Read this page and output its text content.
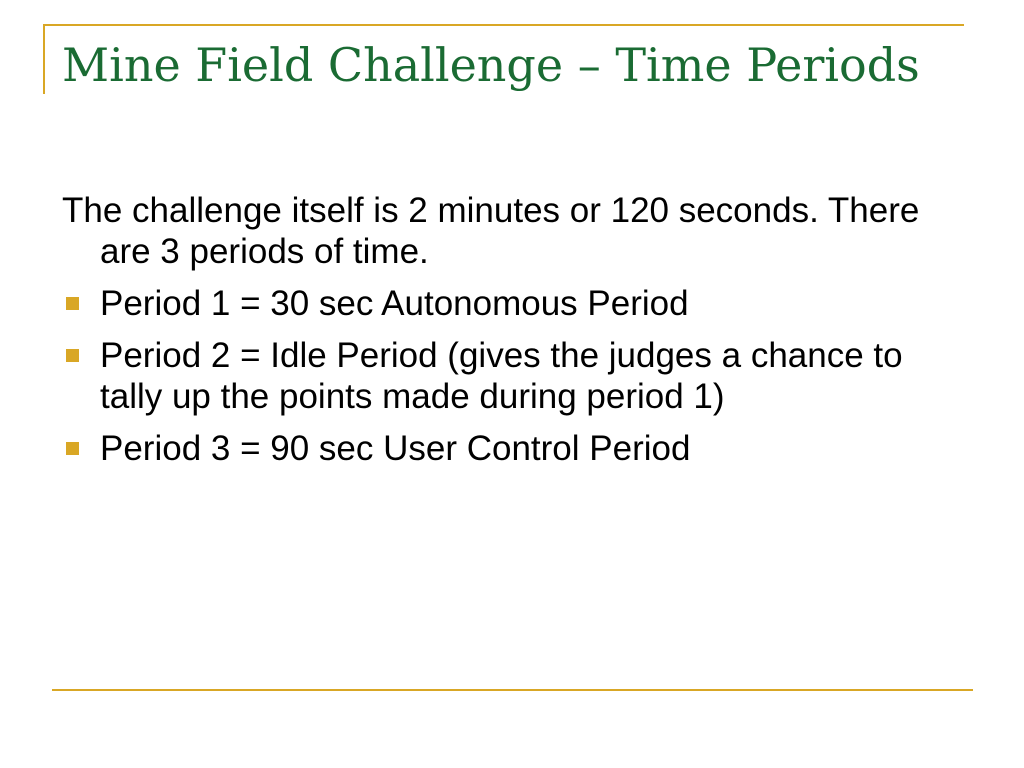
Mine Field Challenge – Time Periods

The challenge itself is 2 minutes or 120 seconds. There are 3 periods of time.

Period 1 = 30 sec Autonomous Period
Period 2 = Idle Period (gives the judges a chance to tally up the points made during period 1)
Period 3 = 90 sec User Control Period
